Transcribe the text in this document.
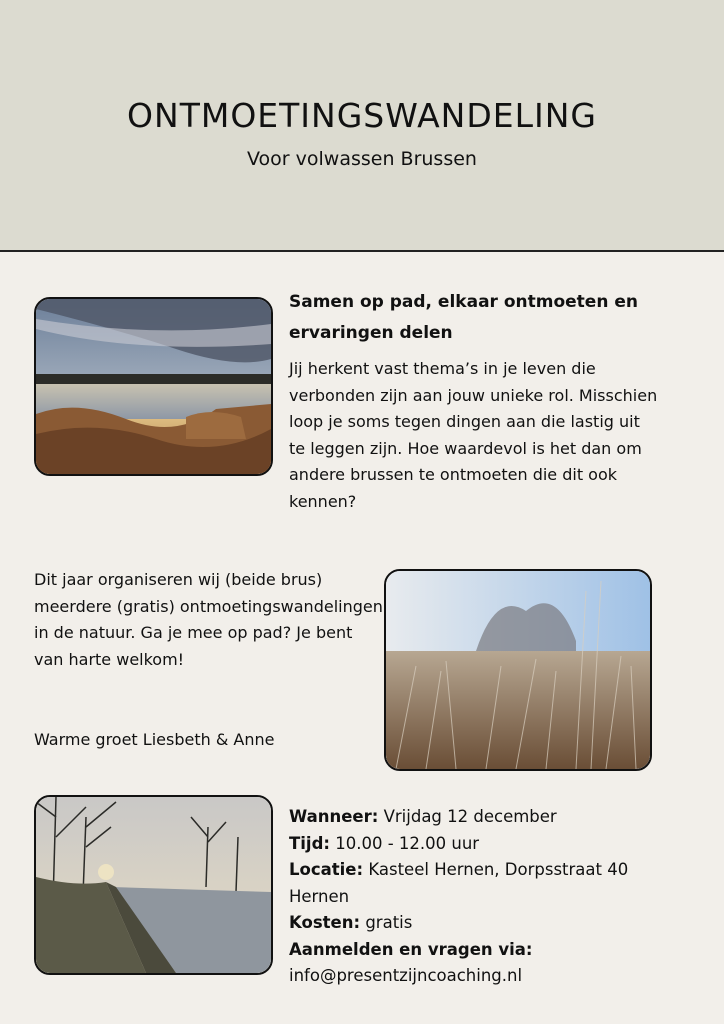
ONTMOETINGSWANDELING
Voor volwassen Brussen
Samen op pad, elkaar ontmoeten en ervaringen delen
Jij herkent vast thema’s in je leven die verbonden zijn aan jouw unieke rol. Misschien loop je soms tegen dingen aan die lastig uit te leggen zijn. Hoe waardevol is het dan om andere brussen te ontmoeten die dit ook kennen?
Dit jaar organiseren wij (beide brus) meerdere (gratis) ontmoetingswandelingen in de natuur. Ga je mee op pad? Je bent van harte welkom!
Warme groet Liesbeth & Anne
Wanneer: Vrijdag 12 december
Tijd: 10.00 - 12.00 uur
Locatie: Kasteel Hernen, Dorpsstraat 40 Hernen
Kosten: gratis
Aanmelden en vragen via:
info@presentzijncoaching.nl
